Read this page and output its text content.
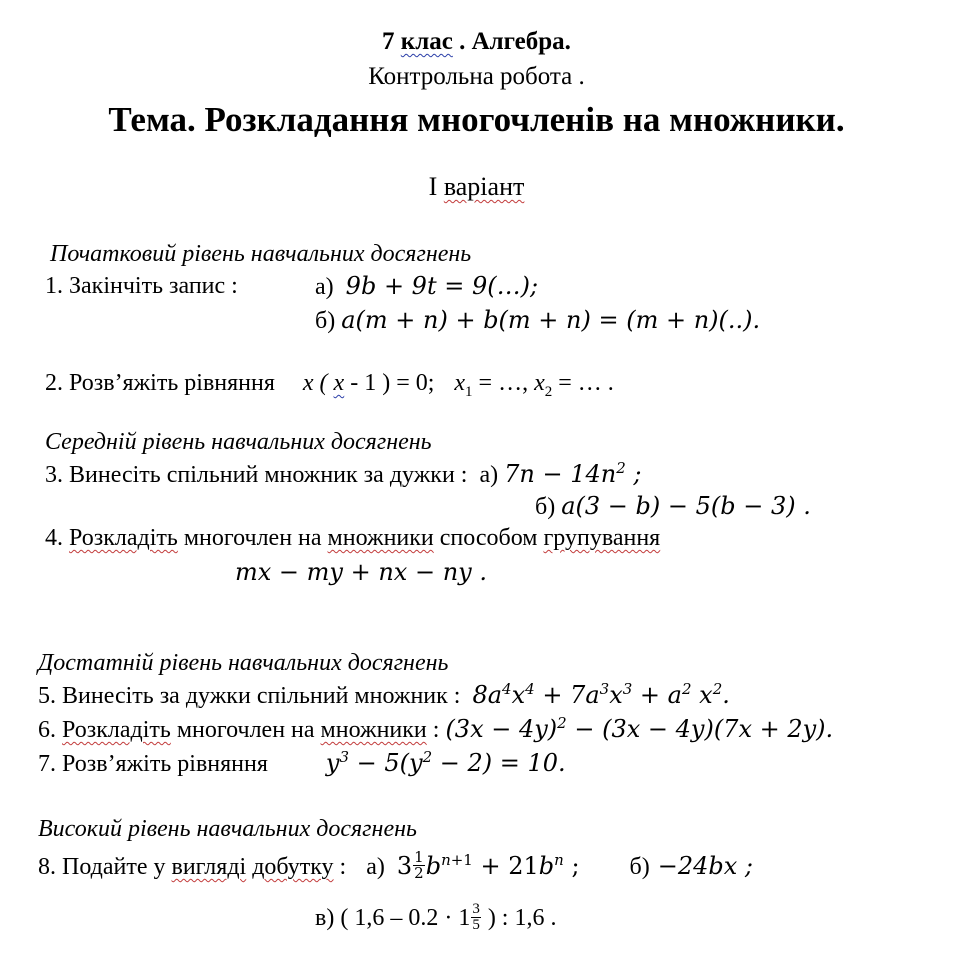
7 клас . Алгебра.
Контрольна робота .
Тема. Розкладання многочленів на множники.
І варіант
Початковий рівень навчальних досягнень
1. Закінчіть запис :	а) 9b + 9t = 9(…);
б) a(m + n) + b(m + n) = (m + n)(..).
2. Розв’яжіть рівняння x ( x - 1 ) = 0; $x_1$ = …, $x_2$ = … .
Середній рівень навчальних досягнень
3. Винесіть спільний множник за дужки : а) $7n - 14n^2$ ;
б) a(3 − b) − 5(b − 3) .
4. Розкладіть многочлен на множники способом групування
mx − my + nx − ny .
Достатній рівень навчальних досягнень
5. Винесіть за дужки спільний множник : $8a^4x^4 + 7a^3x^3 + a^2$ $x^2$.
6. Розкладіть многочлен на множники : $(3x - 4y)^2 - (3x - 4y)(7x + 2y)$.
7. Розв’яжіть рівняння $y^3 - 5(y^2 - 2) = 10$.
Високий рівень навчальних досягнень
8. Подайте у вигляді добутку : а) $3 \frac{1}{2} b^{n+1} + 21b^n$ ; б) −24bx ;
в) ( $1,6 - 0.2 \cdot 1 \frac{3}{5}$ ) : 1,6 .
